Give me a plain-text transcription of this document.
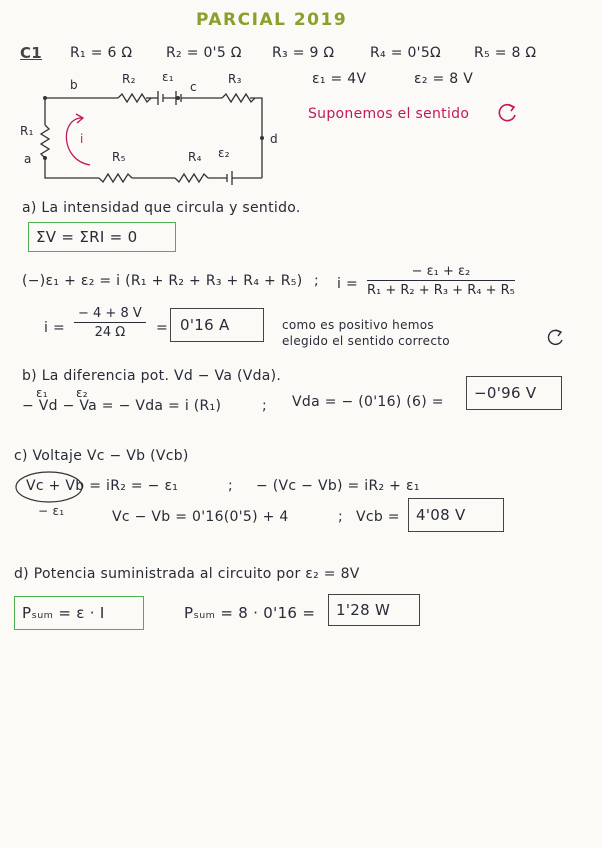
PARCIAL 2019
C1 R₁ = 6 Ω R₂ = 0'5 Ω R₃ = 9 Ω	R₄ = 0'5Ω R₅ = 8 Ω
ε₁ = 4V	ε₂ = 8 V
b	R₂ ε₁
c
R₃
d
R₁
a
i
R₅	R₄ ε₂
Suponemos el sentido
a) La intensidad que circula y sentido.
ΣV = ΣRI = 0
(−)ε₁ + ε₂ = i (R₁ + R₂ + R₃ + R₄ + R₅) ; $i = \frac{\text{− ε₁ + ε₂}}{\text{R₁ + R₂ + R₃ + R₄ + R₅}}$
$i = \frac{- 4 + 8 V}{24 \Omega} = 0'16$ A	como es positivo hemos
elegido el sentido correcto
b) La diferencia pot. Vd − Va (Vda).
ε₁ ε₂
− Vd − Va = − Vda = i (R₁)	; Vda = − (0'16) (6) = −0'96 V
c) Voltaje Vc − Vb (Vcb)
Vc + Vb = iR₂ = − ε₁	; − (Vc − Vb) = iR₂ + ε₁
− ε₁	Vc − Vb = 0'16(0'5) + 4	; Vcb = 4'08 V
d) Potencia suministrada al circuito por ε₂ = 8V
Pₛᵤₘ = ε · I	Pₛᵤₘ = 8 · 0'16 = 1'28 W
